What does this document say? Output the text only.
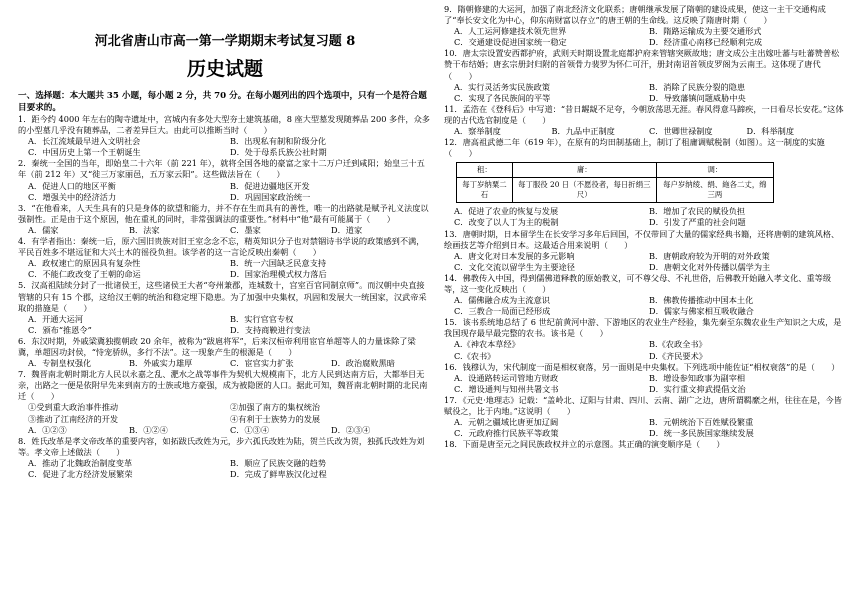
河北省唐山市高一第一学期期末考试复习题 8
历史试题
一、选择题：本大题共 35 小题，每小题 2 分，共 70 分。在每小题列出的四个选项中，只有一个是符合题目要求的。

1．距今约 4000 年左右的陶寺遗址中，宫城内有多处大型夯土建筑基础，8 座大型墓发现随葬品 200 多件，众多的小型墓几乎没有随葬品，二者差异巨大。由此可以推断当时（　　）

A．长江流域最早进入文明社会	B．出现私有制和阶级分化
C．中国历史上第一个王朝诞生	D．处于母系氏族公社时期

2．秦统一全国的当年，即始皇二十六年（前 221 年），就将全国各地的豪富之家十二万户迁到咸阳；始皇三十五年（前 212 年）又“徙三万家丽邑，五万家云阳”。这些做法旨在（　　）

A．促进人口的地区平衡	B．促进边疆地区开发
C．增强关中的经济活力	D．巩固国家政治统一

3．“在他看来，人天生具有的只是身体的欲望和能力，并不存在生而具有的善性，唯一的出路就是赋予礼义法度以强制性。正是由于这个原因，他在重礼的同时，非常强调法的重要性。”材料中“他”最有可能属于（　　）

A．儒家	B．法家	C．墨家	D．道家

4．有学者指出：秦统一后，原六国旧贵族对旧王室念念不忘，精英知识分子也对禁锢诗书学说的政策感到不满，平民百姓多不堪远征和大兴土木的徭役负担。该学者的这一言论反映出秦朝（　　）

A．政权速亡的原因具有复杂性	B．统一六国缺乏民意支持
C．不能仁政改变了王朝的命运	D．国家治理模式权力落后

5．汉高祖陆续分封了一批诸侯王，这些诸侯王大者“夸州兼郡，连城数十，宫室百官同制京师”。而汉朝中央直接管辖的只有 15 个郡，这给汉王朝的统治和稳定埋下隐患。为了加强中央集权，巩固和发展大一统国家，汉武帝采取的措施是（　　）

A．开通大运河	B．实行官官专权
C．颁布“推恩令”	D．支持商鞅进行变法

6．东汉时期，外戚梁冀独揽朝政 20 余年，被称为“跋扈将军”，后来汉桓帝利用宦官单超等人的力量诛除了梁冀，单超因功封侯，“恃宠骄纵，多行不法”。这一现象产生的根源是（　　）

A．专制皇权强化	B．外戚实力雄厚	C．宦官实力扩张	D．政治腐败黑暗

7．魏晋南北朝时期北方人民以永嘉之乱、淝水之战等事件为契机大规模南下，北方人民到达南方后，大都举目无亲，出路之一便是依附早先来到南方的士族或地方豪强，成为被隐匿的人口。据此可知，魏晋南北朝时期的北民南迁（　　）

①受到重大政治事件推动	②加强了南方的集权统治
③推动了江南经济的开发	④有利于士族势力的发展
A．①②③	B．①②④	C．①③④	D．②③④

8．姓氏改革是孝文帝改革的重要内容，如拓跋氏改姓为元，步六孤氏改姓为陆，贺兰氏改为贺，独孤氏改姓为刘等。孝文帝上述做法（　　）

A．推动了北魏政治制度变革	B．顺应了民族交融的趋势
C．促进了北方经济发展繁荣	D．完成了鲜卑族汉化过程

9．隋朝修建的大运河，加强了南北经济文化联系；唐朝继承发展了隋朝的建设成果，使这一主干交通构成了“奉长安文化为中心，仰东南财富以存立”的唐王朝的生命线。这反映了隋唐时期（　　）

A．人工运河修建技术领先世界	B．隋路运输成为主要交通形式
C．交通建设促进国家统一稳定	D．经济重心南移已经顺利完成

10．唐太宗设置安西都护府，武则天时期设置北庭都护府来管辖突厥故地；唐文成公主出嫁吐蕃与吐蕃赞普松赞干布结婚；唐玄宗册封归附的首领骨力裴罗为怀仁可汗，册封南诏首领皮罗阁为云南王。这体现了唐代（　　）

A．实行灵活务实民族政策	B．消除了民族分裂的隐患
C．实现了各民族间的平等	D．导致藩镇问题威胁中央

11．孟浩在《登科后》中写道：“昔日龌龊不足夸，今朝放荡思无涯。春风得意马蹄疾，一日看尽长安花。”这体现的古代选官制度是（　　）

A．察举制度	B．九品中正制度	C．世卿世禄制度	D．科举制度

12．唐高祖武德二年（619 年），在原有的均田制基础上，制订了租庸调赋税制（如图）。这一制度的实施（　　）

租：	庸：	调：
每丁岁纳粟二石	每丁服役 20 日（不愿役者，每日折绢三尺）	每户岁纳绫、绢、絁各二丈，绵三两
A．促进了农业的恢复与发展	B．增加了农民的赋役负担
C．改变了以人丁为主的税制	D．引发了严重的社会问题

13．唐朝时期，日本留学生在长安学习多年后回国，不仅带回了大量的儒家经典书籍，还将唐朝的建筑风格、绘画技艺等介绍到日本。这最适合用来说明（　　）

A．唐文化对日本发展的多元影响	B．唐朝政府较为开明的对外政策
C．文化交流以留学生为主要途径	D．唐朝文化对外传播以儒学为主

14．佛教传入中国，得到儒佛道释教的原始教义，可不尊父母、不礼世俗，后佛教开始融入孝文化、重等级等，这一变化反映出（　　）

A．儒佛融合成为主流意识	B．佛教传播推动中国本土化
C．三教合一局面已经形成	D．儒家与佛家相互吸收融合

15．该书系统地总结了 6 世纪前黄河中游、下游地区的农业生产经验，集先秦至东魏农业生产知识之大成，是我国现存最早最完整的农书。该书是（　　）

A.《神农本草经》	B.《农政全书》
C.《农书》	D.《齐民要术》

16．钱穆认为，宋代制度一面是相权衰落，另一面则是中央集权。下列选项中能佐证“相权衰落”的是（　　）

A．设通路转运司管地方财政	B．增设参知政事为副宰相
C．增设通判与知州共署文书	D．实行重文抑武提倡文治

17．《元史·地理志》记载：“盖岭北、辽阳与甘肃、四川、云南、湖广之边，唐所谓羁縻之州，往往在是，今皆赋役之，比于内地。”这说明（　　）

A．元朝之疆域比唐更加辽阔	B．元朝统治下百姓赋役繁重
C．元政府推行民族平等政策	D．统一多民族国家继续发展

18．下面是唐至元之间民族政权并立的示意图。其正确的演变顺序是（　　）
